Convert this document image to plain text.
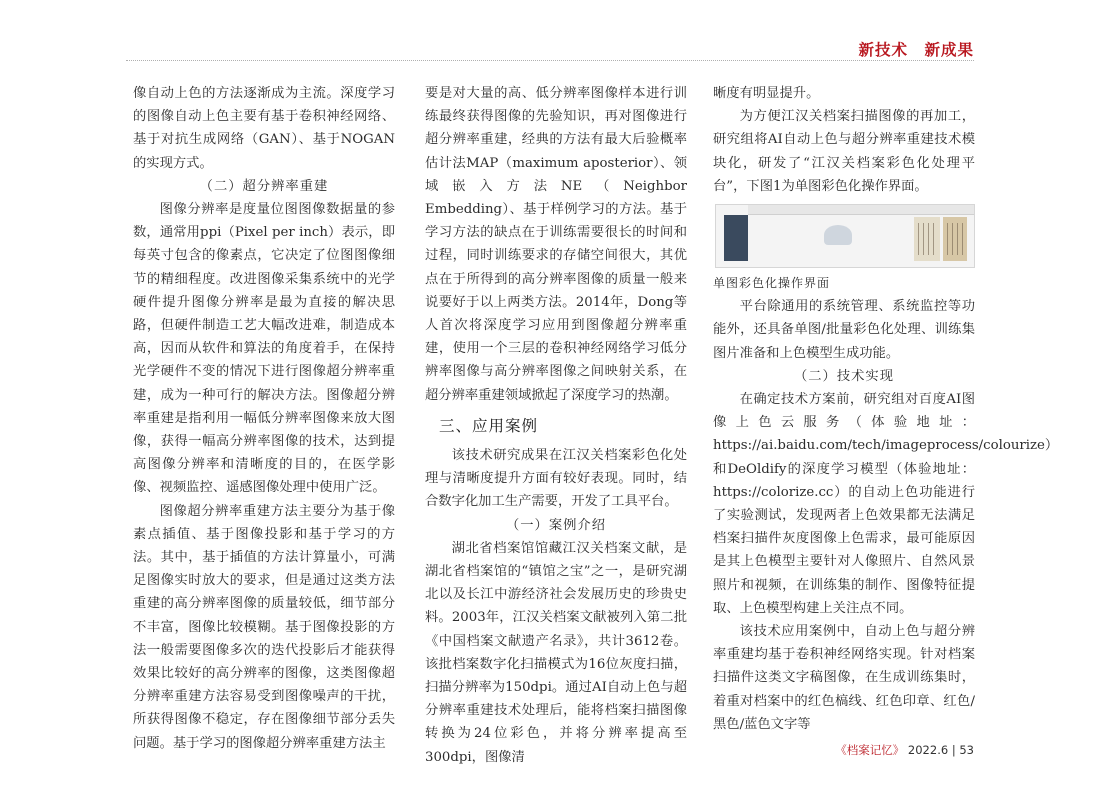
新技术　新成果

像自动上色的方法逐渐成为主流。深度学习的图像自动上色主要有基于卷积神经网络、基于对抗生成网络（GAN）、基于NOGAN的实现方式。

（二）超分辨率重建

图像分辨率是度量位图图像数据量的参数，通常用ppi（Pixel per inch）表示，即每英寸包含的像素点，它决定了位图图像细节的精细程度。改进图像采集系统中的光学硬件提升图像分辨率是最为直接的解决思路，但硬件制造工艺大幅改进难，制造成本高，因而从软件和算法的角度着手，在保持光学硬件不变的情况下进行图像超分辨率重建，成为一种可行的解决方法。图像超分辨率重建是指利用一幅低分辨率图像来放大图像，获得一幅高分辨率图像的技术，达到提高图像分辨率和清晰度的目的，在医学影像、视频监控、遥感图像处理中使用广泛。

图像超分辨率重建方法主要分为基于像素点插值、基于图像投影和基于学习的方法。其中，基于插值的方法计算量小，可满足图像实时放大的要求，但是通过这类方法重建的高分辨率图像的质量较低，细节部分不丰富，图像比较模糊。基于图像投影的方法一般需要图像多次的迭代投影后才能获得效果比较好的高分辨率的图像，这类图像超分辨率重建方法容易受到图像噪声的干扰，所获得图像不稳定，存在图像细节部分丢失问题。基于学习的图像超分辨率重建方法主

要是对大量的高、低分辨率图像样本进行训练最终获得图像的先验知识，再对图像进行超分辨率重建，经典的方法有最大后验概率估计法MAP（maximum aposterior）、领域嵌入方法NE（Neighbor Embedding）、基于样例学习的方法。基于学习方法的缺点在于训练需要很长的时间和过程，同时训练要求的存储空间很大，其优点在于所得到的高分辨率图像的质量一般来说要好于以上两类方法。2014年，Dong等人首次将深度学习应用到图像超分辨率重建，使用一个三层的卷积神经网络学习低分辨率图像与高分辨率图像之间映射关系，在超分辨率重建领域掀起了深度学习的热潮。

三、应用案例

该技术研究成果在江汉关档案彩色化处理与清晰度提升方面有较好表现。同时，结合数字化加工生产需要，开发了工具平台。

（一）案例介绍

湖北省档案馆馆藏江汉关档案文献，是湖北省档案馆的“镇馆之宝”之一，是研究湖北以及长江中游经济社会发展历史的珍贵史料。2003年，江汉关档案文献被列入第二批《中国档案文献遗产名录》，共计3612卷。该批档案数字化扫描模式为16位灰度扫描，扫描分辨率为150dpi。通过AI自动上色与超分辨率重建技术处理后，能将档案扫描图像转换为24位彩色，并将分辨率提高至300dpi，图像清

晰度有明显提升。

为方便江汉关档案扫描图像的再加工，研究组将AI自动上色与超分辨率重建技术模块化，研发了“江汉关档案彩色化处理平台”，下图1为单图彩色化操作界面。

单图彩色化操作界面

平台除通用的系统管理、系统监控等功能外，还具备单图/批量彩色化处理、训练集图片准备和上色模型生成功能。

（二）技术实现

在确定技术方案前，研究组对百度AI图像上色云服务（体验地址：https://ai.baidu.com/tech/imageprocess/colourize）和DeOldify的深度学习模型（体验地址：https://colorize.cc）的自动上色功能进行了实验测试，发现两者上色效果都无法满足档案扫描件灰度图像上色需求，最可能原因是其上色模型主要针对人像照片、自然风景照片和视频，在训练集的制作、图像特征提取、上色模型构建上关注点不同。

该技术应用案例中，自动上色与超分辨率重建均基于卷积神经网络实现。针对档案扫描件这类文字稿图像，在生成训练集时，着重对档案中的红色槁线、红色印章、红色/黑色/蓝色文字等

《档案记忆》 2022.6 | 53
